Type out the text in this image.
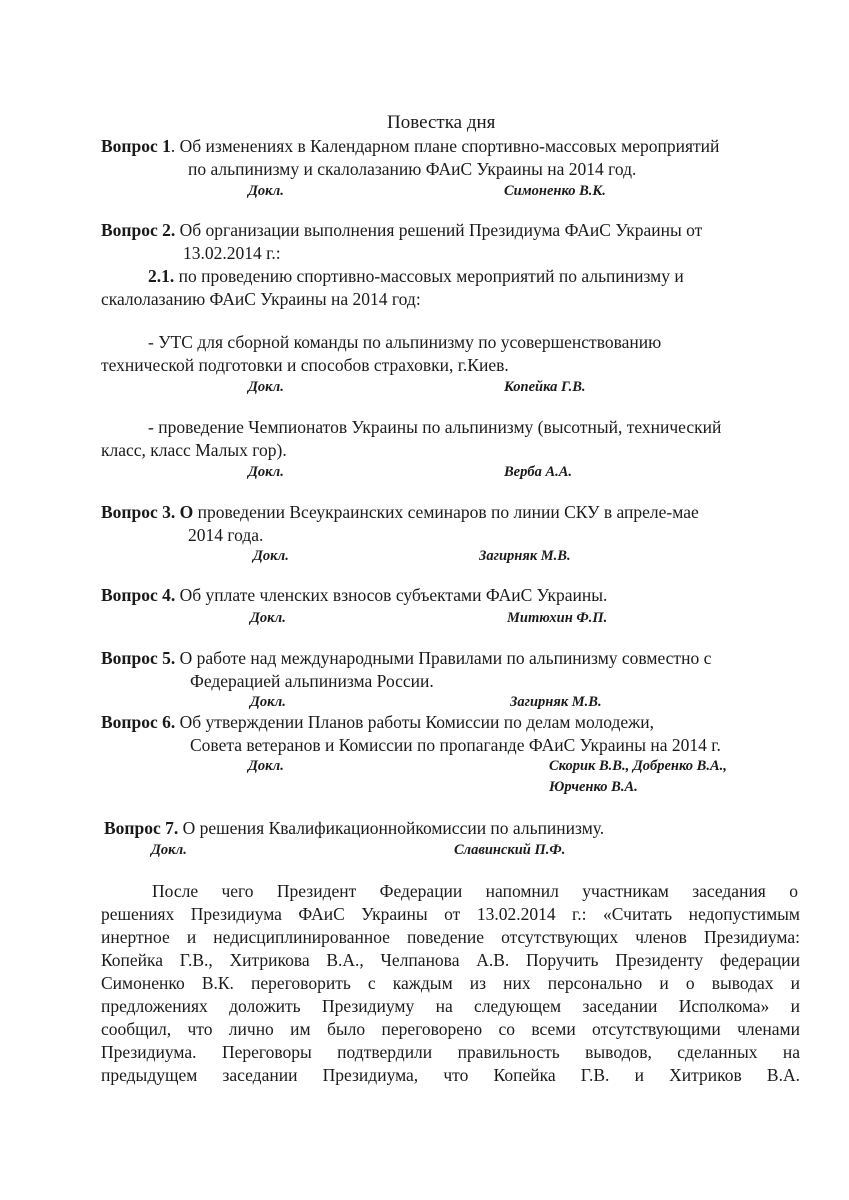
Повестка дня
Вопрос 1. Об изменениях в Календарном плане спортивно-массовых мероприятий
по альпинизму и скалолазанию ФАиС Украины на 2014 год.
Докл.	Симоненко В.К.
Вопрос 2. Об организации выполнения решений Президиума ФАиС Украины от
13.02.2014 г.:
2.1. по проведению спортивно-массовых мероприятий по альпинизму и
скалолазанию ФАиС Украины на 2014 год:
- УТС для сборной команды по альпинизму по усовершенствованию
технической подготовки и способов страховки, г.Киев.
Докл.	Копейка Г.В.
- проведение Чемпионатов Украины по альпинизму (высотный, технический
класс, класс Малых гор).
Докл.	Верба А.А.
Вопрос 3. О проведении Всеукраинских семинаров по линии СКУ в апреле-мае
2014 года.
Докл.	Загирняк М.В.
Вопрос 4. Об уплате членских взносов субъектами ФАиС Украины.
Докл.	Митюхин Ф.П.
Вопрос 5. О работе над международными Правилами по альпинизму совместно с
Федерацией альпинизма России.
Докл.	Загирняк М.В.
Вопрос 6. Об утверждении Планов работы Комиссии по делам молодежи,
Совета ветеранов и Комиссии по пропаганде ФАиС Украины на 2014 г.
Докл.	Скорик В.В., Добренко В.А.,
Юрченко В.А.
Вопрос 7. О решения Квалификационнойкомиссии по альпинизму.
Докл.	Славинский П.Ф.
После чего Президент Федерации напомнил участникам заседания о
решениях Президиума ФАиС Украины от 13.02.2014 г.: «Считать недопустимым
инертное и недисциплинированное поведение отсутствующих членов Президиума:
Копейка Г.В., Хитрикова В.А., Челпанова А.В. Поручить Президенту федерации
Симоненко В.К. переговорить с каждым из них персонально и о выводах и
предложениях доложить Президиуму на следующем заседании Исполкома» и
сообщил, что лично им было переговорено со всеми отсутствующими членами
Президиума. Переговоры подтвердили правильность выводов, сделанных на
предыдущем заседании Президиума, что Копейка Г.В. и Хитриков В.А.
